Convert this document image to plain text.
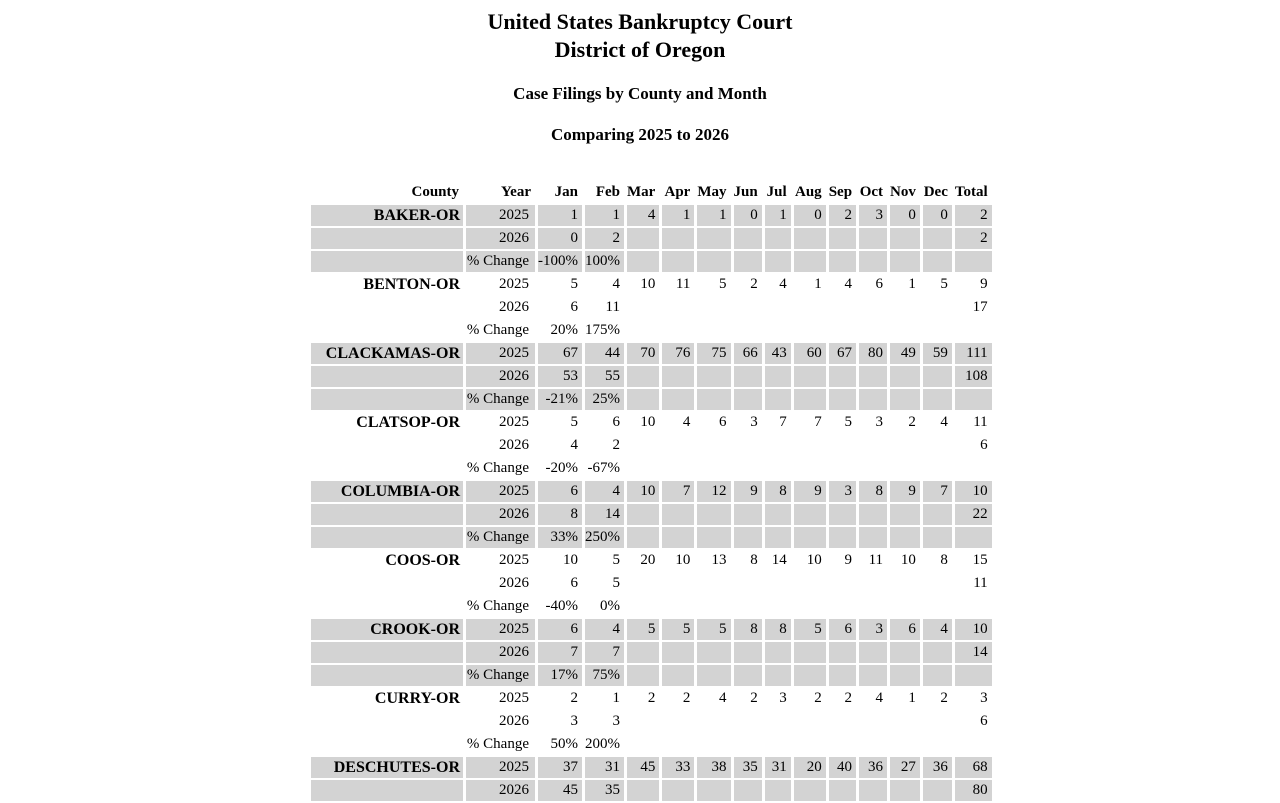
United States Bankruptcy Court
District of Oregon
Case Filings by County and Month
Comparing 2025 to 2026
County	Year	Jan	Feb	Mar	Apr	May	Jun	Jul	Aug	Sep	Oct	Nov	Dec	Total
BAKER-OR	2025	1	1	4	1	1	0	1	0	2	3	0	0	2
	2026	0	2											2
	% Change	-100%	100%											
BENTON-OR	2025	5	4	10	11	5	2	4	1	4	6	1	5	9
	2026	6	11											17
	% Change	20%	175%											
CLACKAMAS-OR	2025	67	44	70	76	75	66	43	60	67	80	49	59	111
	2026	53	55											108
	% Change	-21%	25%											
CLATSOP-OR	2025	5	6	10	4	6	3	7	7	5	3	2	4	11
	2026	4	2											6
	% Change	-20%	-67%											
COLUMBIA-OR	2025	6	4	10	7	12	9	8	9	3	8	9	7	10
	2026	8	14											22
	% Change	33%	250%											
COOS-OR	2025	10	5	20	10	13	8	14	10	9	11	10	8	15
	2026	6	5											11
	% Change	-40%	0%											
CROOK-OR	2025	6	4	5	5	5	8	8	5	6	3	6	4	10
	2026	7	7											14
	% Change	17%	75%											
CURRY-OR	2025	2	1	2	2	4	2	3	2	2	4	1	2	3
	2026	3	3											6
	% Change	50%	200%											
DESCHUTES-OR	2025	37	31	45	33	38	35	31	20	40	36	27	36	68
	2026	45	35											80
